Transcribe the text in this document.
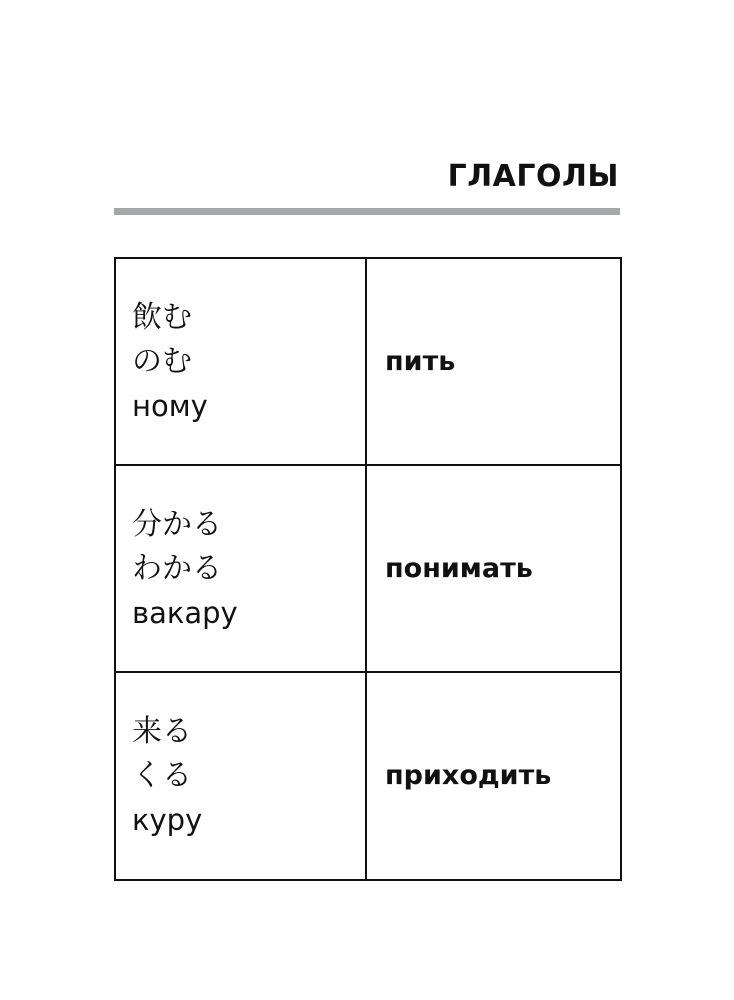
ГЛАГОЛЫ
飲む
のむ
ному	пить

分かる
わかる
вакару	понимать

来る
くる
куру	приходить
